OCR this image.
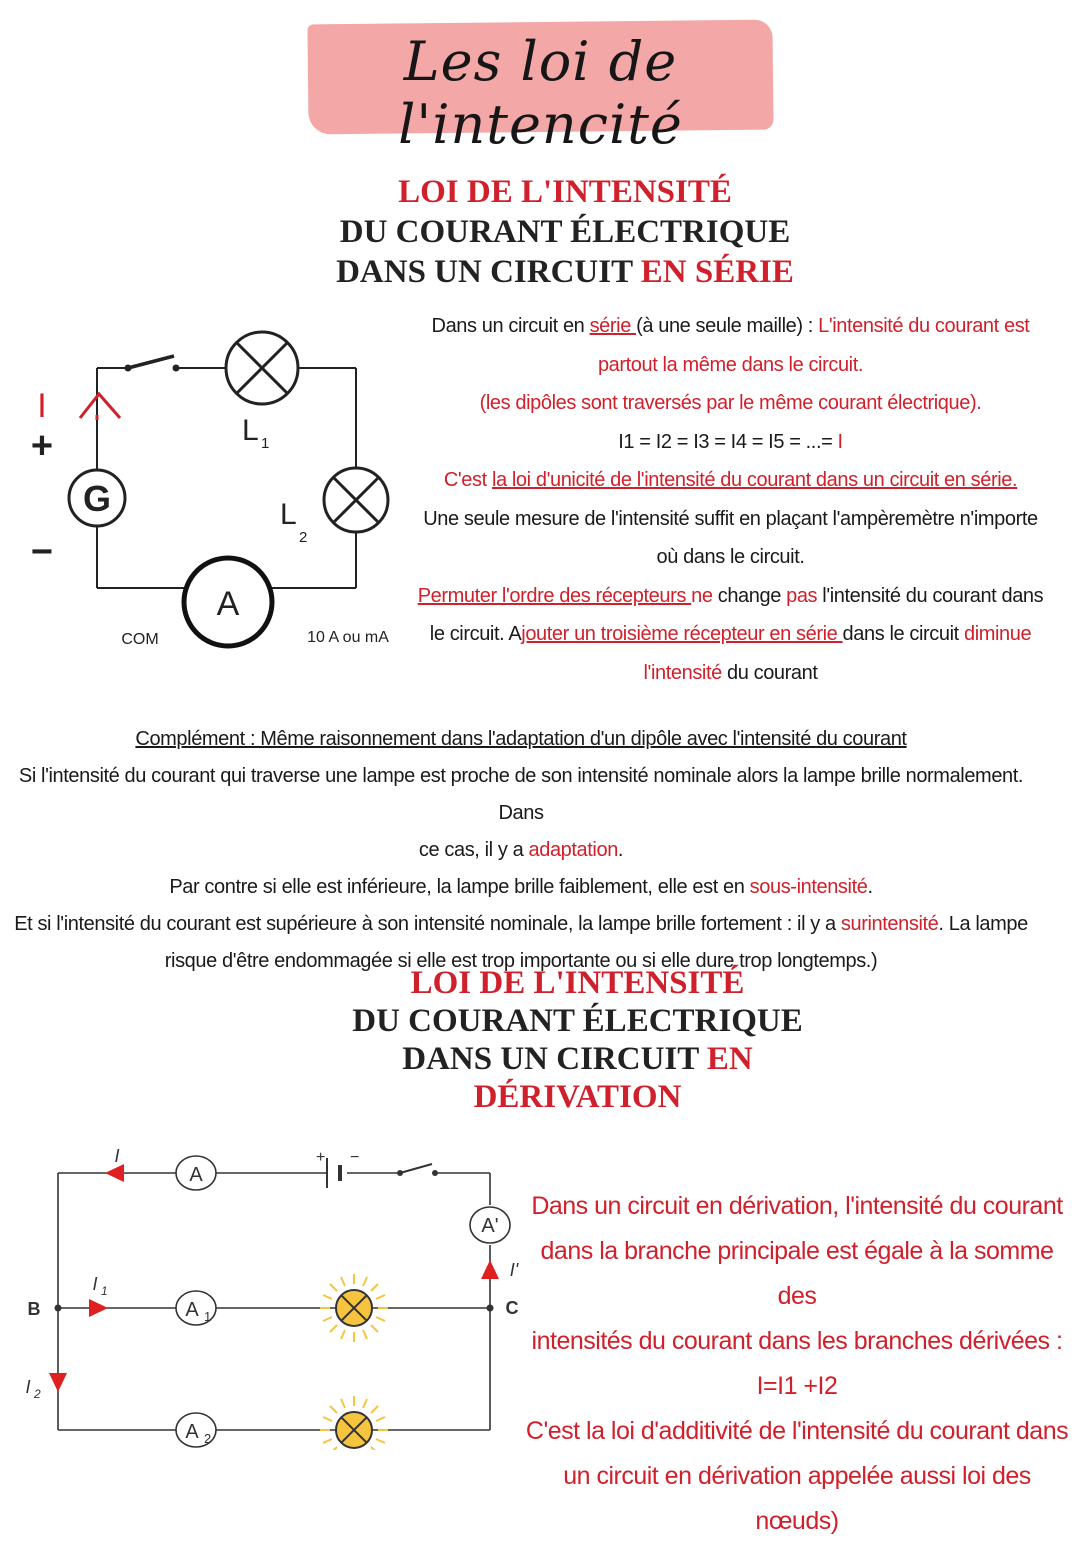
Les loi de l'intencité
LOI DE L'INTENSITÉ
DU COURANT ÉLECTRIQUE
DANS UN CIRCUIT EN SÉRIE
L 1
L
2
G
A
COM	10 A ou mA
I
+
−
Dans un circuit en série (à une seule maille) : L'intensité du courant est
partout la même dans le circuit.
(les dipôles sont traversés par le même courant électrique).
I1 = I2 = I3 = I4 = I5 = ...= I
C'est la loi d'unicité de l'intensité du courant dans un circuit en série.
Une seule mesure de l'intensité suffit en plaçant l'ampèremètre n'importe
où dans le circuit.
Permuter l'ordre des récepteurs ne change pas l'intensité du courant dans
le circuit. Ajouter un troisième récepteur en série dans le circuit diminue
l'intensité du courant
Complément : Même raisonnement dans l'adaptation d'un dipôle avec l'intensité du courant
Si l'intensité du courant qui traverse une lampe est proche de son intensité nominale alors la lampe brille normalement. Dans
ce cas, il y a adaptation.
Par contre si elle est inférieure, la lampe brille faiblement, elle est en sous-intensité.
Et si l'intensité du courant est supérieure à son intensité nominale, la lampe brille fortement : il y a surintensité. La lampe
risque d'être endommagée si elle est trop importante ou si elle dure trop longtemps.)
LOI DE L'INTENSITÉ
DU COURANT ÉLECTRIQUE
DANS UN CIRCUIT EN
DÉRIVATION
+ −
A
A'
A 1
A 2
B	C
I
I 1
I 2
I'
Dans un circuit en dérivation, l'intensité du courant
dans la branche principale est égale à la somme des
intensités du courant dans les branches dérivées :
I=I1 +I2
C'est la loi d'additivité de l'intensité du courant dans
un circuit en dérivation appelée aussi loi des nœuds)
